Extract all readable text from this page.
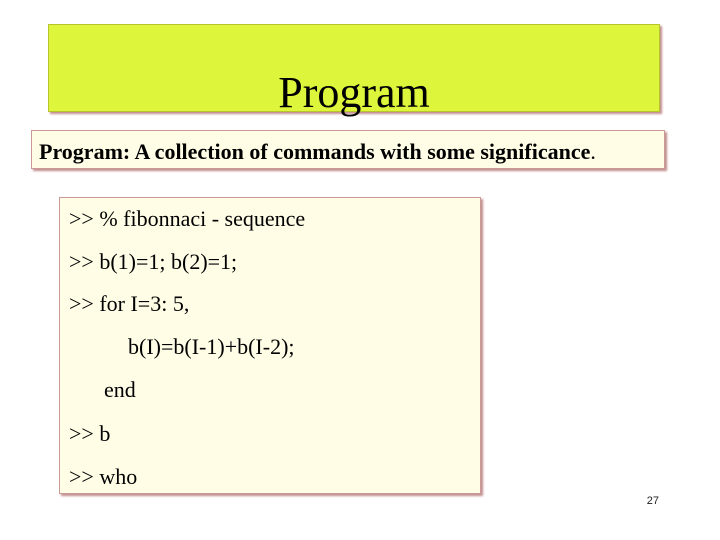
Program
Program: A collection of commands with some significance.
>> % fibonnaci - sequence
>> b(1)=1; b(2)=1;
>> for I=3: 5,
b(I)=b(I-1)+b(I-2);
end
>> b
>> who
27
